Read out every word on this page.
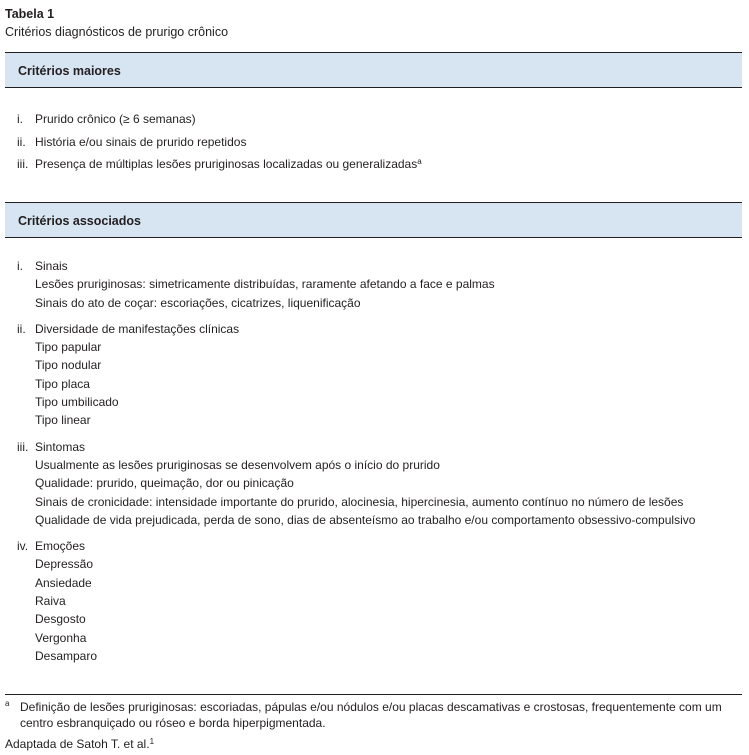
Tabela 1
Critérios diagnósticos de prurigo crônico
Critérios maiores
i. Prurido crônico (≥ 6 semanas)
ii. História e/ou sinais de prurido repetidos
iii. Presença de múltiplas lesões pruriginosas localizadas ou generalizadas$^a$
Critérios associados
i. Sinais
Lesões pruriginosas: simetricamente distribuídas, raramente afetando a face e palmas
Sinais do ato de coçar: escoriações, cicatrizes, liquenificação
ii. Diversidade de manifestações clínicas
Tipo papular
Tipo nodular
Tipo placa
Tipo umbilicado
Tipo linear
iii. Sintomas
Usualmente as lesões pruriginosas se desenvolvem após o início do prurido
Qualidade: prurido, queimação, dor ou pinicação
Sinais de cronicidade: intensidade importante do prurido, alocinesia, hipercinesia, aumento contínuo no número de lesões
Qualidade de vida prejudicada, perda de sono, dias de absenteísmo ao trabalho e/ou comportamento obsessivo-compulsivo
iv. Emoções
Depressão
Ansiedade
Raiva
Desgosto
Vergonha
Desamparo
a Definição de lesões pruriginosas: escoriadas, pápulas e/ou nódulos e/ou placas descamativas e crostosas, frequentemente com um centro esbranquiçado ou róseo e borda hiperpigmentada.
Adaptada de Satoh T. et al.$^1$
